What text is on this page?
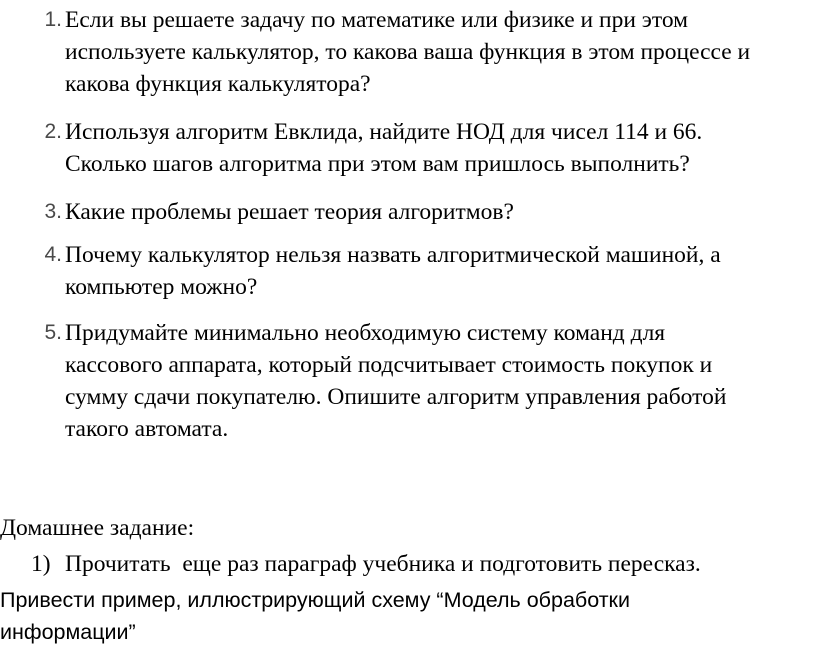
1. Если вы решаете задачу по математике или физике и при этом
используете калькулятор, то какова ваша функция в этом процессе и
какова функция калькулятора?
2. Используя алгоритм Евклида, найдите НОД для чисел 114 и 66.
Сколько шагов алгоритма при этом вам пришлось выполнить?
3. Какие проблемы решает теория алгоритмов?
4. Почему калькулятор нельзя назвать алгоритмической машиной, а
компьютер можно?
5. Придумайте минимально необходимую систему команд для
кассового аппарата, который подсчитывает стоимость покупок и
сумму сдачи покупателю. Опишите алгоритм управления работой
такого автомата.
Домашнее задание:
1) Прочитать  еще раз параграф учебника и подготовить пересказ.
Привести пример, иллюстрирующий схему “Модель обработки
информации”
